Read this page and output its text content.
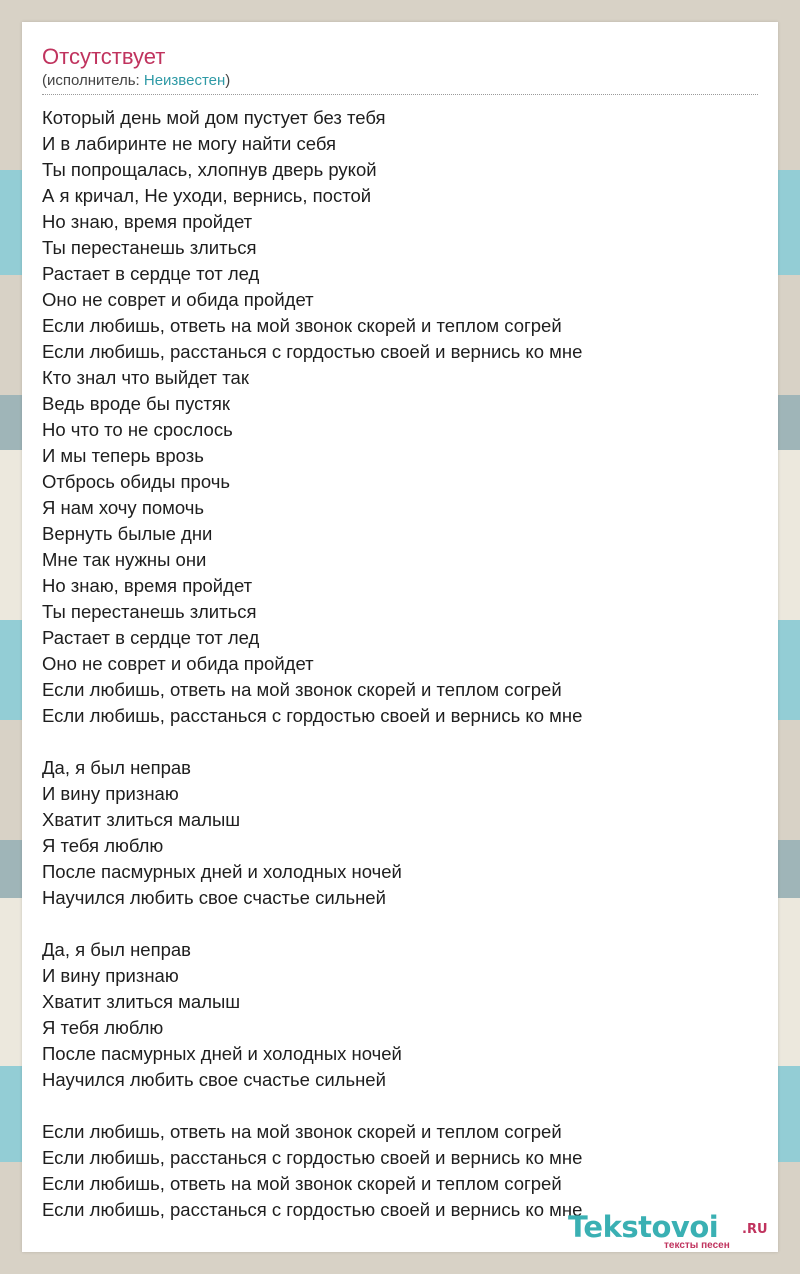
Отсутствует
(исполнитель: Неизвестен)
Который день мой дом пустует без тебя
И в лабиринте не могу найти себя
Ты попрощалась, хлопнув дверь рукой
А я кричал, Не уходи, вернись, постой
Но знаю, время пройдет
Ты перестанешь злиться
Растает в сердце тот лед
Оно не соврет и обида пройдет
Если любишь, ответь на мой звонок скорей и теплом согрей
Если любишь, расстанься с гордостью своей и вернись ко мне
Кто знал что выйдет так
Ведь вроде бы пустяк
Но что то не срослось
И мы теперь врозь
Отбрось обиды прочь
Я нам хочу помочь
Вернуть былые дни
Мне так нужны они
Но знаю, время пройдет
Ты перестанешь злиться
Растает в сердце тот лед
Оно не соврет и обида пройдет
Если любишь, ответь на мой звонок скорей и теплом согрей
Если любишь, расстанься с гордостью своей и вернись ко мне
Да, я был неправ
И вину признаю
Хватит злиться малыш
Я тебя люблю
После пасмурных дней и холодных ночей
Научился любить свое счастье сильней
Да, я был неправ
И вину признаю
Хватит злиться малыш
Я тебя люблю
После пасмурных дней и холодных ночей
Научился любить свое счастье сильней
Если любишь, ответь на мой звонок скорей и теплом согрей
Если любишь, расстанься с гордостью своей и вернись ко мне
Если любишь, ответь на мой звонок скорей и теплом согрей
Если любишь, расстанься с гордостью своей и вернись ко мне
Tekstovoi .RU
тексты песен
